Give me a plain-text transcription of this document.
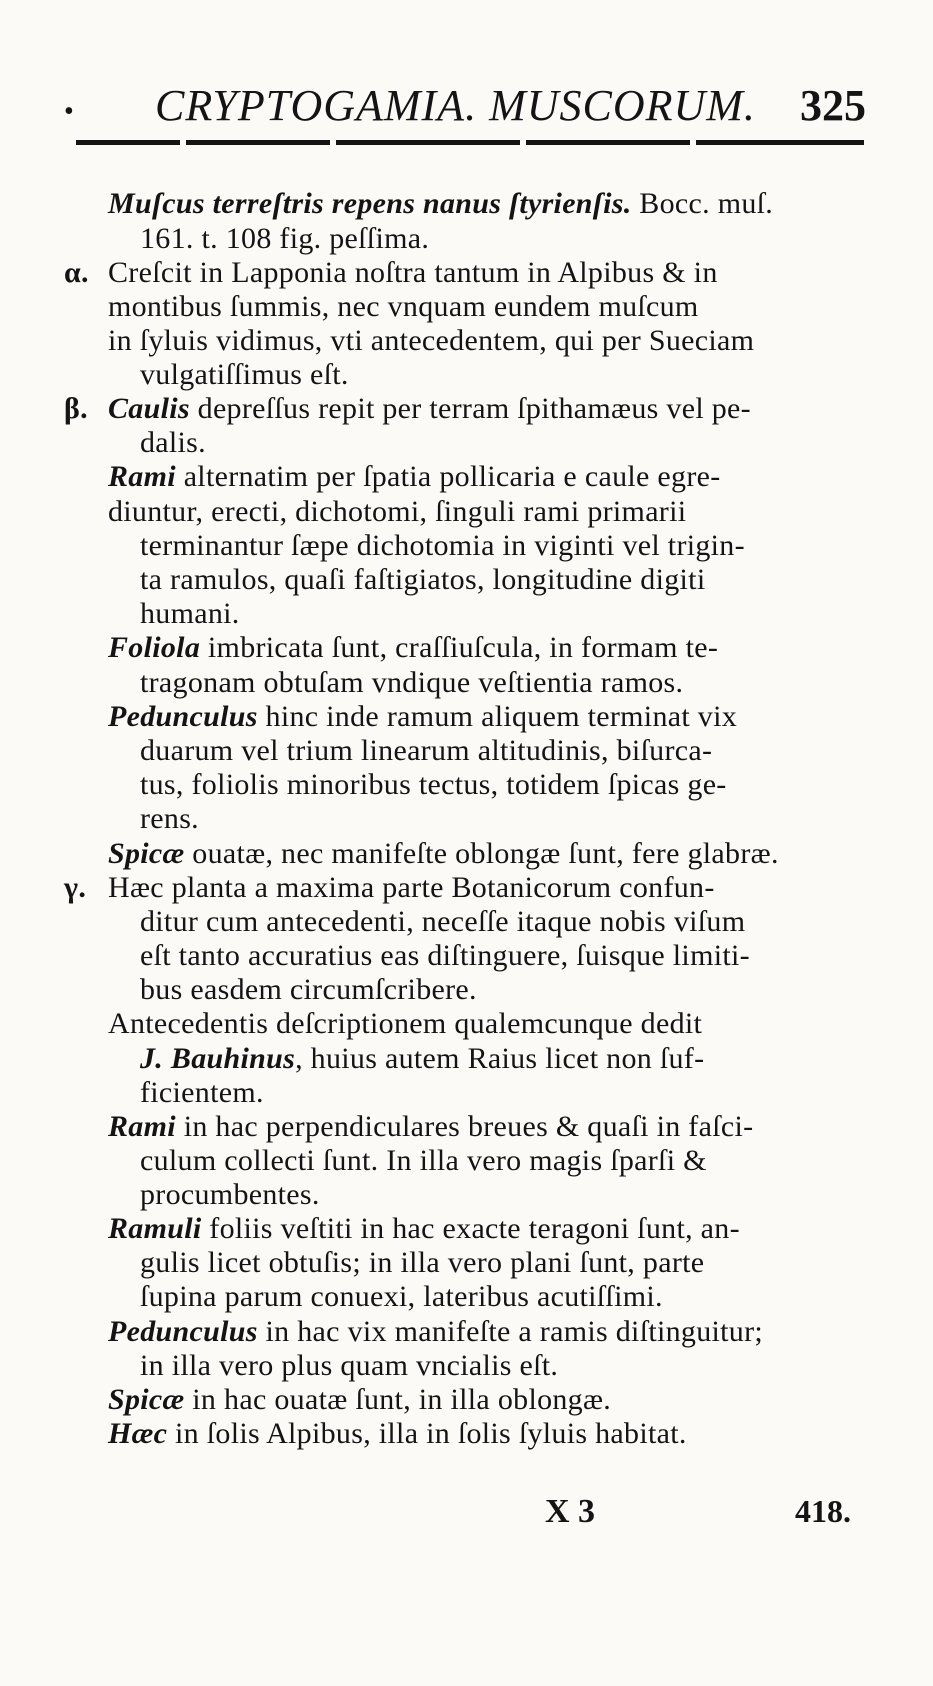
• CRYPTOGAMIA. MUSCORUM. 325
Muſcus terreſtris repens nanus ſtyrienſis. Bocc. muſ.
161. t. 108 fig. peſſima.
α. Creſcit in Lapponia noſtra tantum in Alpibus & in
montibus ſummis, nec vnquam eundem muſcum
in ſyluis vidimus, vti antecedentem, qui per Sueciam
vulgatiſſimus eſt.
β. Caulis depreſſus repit per terram ſpithamæus vel pe-
dalis.
Rami alternatim per ſpatia pollicaria e caule egre-
diuntur, erecti, dichotomi, ſinguli rami primarii
terminantur ſæpe dichotomia in viginti vel trigin-
ta ramulos, quaſi faſtigiatos, longitudine digiti
humani.
Foliola imbricata ſunt, craſſiuſcula, in formam te-
tragonam obtuſam vndique veſtientia ramos.
Pedunculus hinc inde ramum aliquem terminat vix
duarum vel trium linearum altitudinis, biſurca-
tus, foliolis minoribus tectus, totidem ſpicas ge-
rens.
Spicæ ouatæ, nec manifeſte oblongæ ſunt, fere glabræ.
γ. Hæc planta a maxima parte Botanicorum confun-
ditur cum antecedenti, neceſſe itaque nobis viſum
eſt tanto accuratius eas diſtinguere, ſuisque limiti-
bus easdem circumſcribere.
Antecedentis deſcriptionem qualemcunque dedit
J. Bauhinus, huius autem Raius licet non ſuf-
ficientem.
Rami in hac perpendiculares breues & quaſi in faſci-
culum collecti ſunt. In illa vero magis ſparſi &
procumbentes.
Ramuli foliis veſtiti in hac exacte teragoni ſunt, an-
gulis licet obtuſis; in illa vero plani ſunt, parte
ſupina parum conuexi, lateribus acutiſſimi.
Pedunculus in hac vix manifeſte a ramis diſtinguitur;
in illa vero plus quam vncialis eſt.
Spicæ in hac ouatæ ſunt, in illa oblongæ.
Hæc in ſolis Alpibus, illa in ſolis ſyluis habitat.
X 3	418.
